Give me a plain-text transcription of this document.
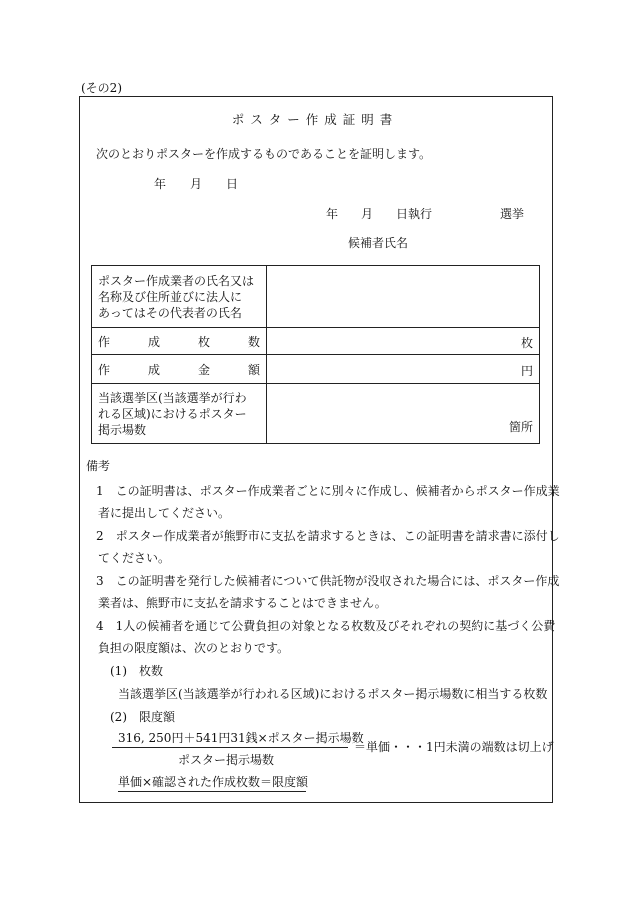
(その2)
ポスター作成証明書
次のとおりポスターを作成するものであることを証明します。
年 月 日
年 月 日執行	選挙
候補者氏名
ポスター作成業者の氏名又は
名称及び住所並びに法人に
あってはその代表者の氏名	

作 成 枚 数	枚

作 成 金 額	円

当該選挙区(当該選挙が行わ
れる区域)におけるポスター
掲示場数	箇所
備考
1　この証明書は、ポスター作成業者ごとに別々に作成し、候補者からポスター作成業
者に提出してください。
2　ポスター作成業者が熊野市に支払を請求するときは、この証明書を請求書に添付し
てください。
3　この証明書を発行した候補者について供託物が没収された場合には、ポスター作成
業者は、熊野市に支払を請求することはできません。
4　1人の候補者を通じて公費負担の対象となる枚数及びそれぞれの契約に基づく公費
負担の限度額は、次のとおりです。
(1)　枚数
当該選挙区(当該選挙が行われる区域)におけるポスター掲示場数に相当する枚数
(2)　限度額
316, 250円＋541円31銭×ポスター掲示場数
ポスター掲示場数
＝単価・・・1円未満の端数は切上げ
単価×確認された作成枚数＝限度額
